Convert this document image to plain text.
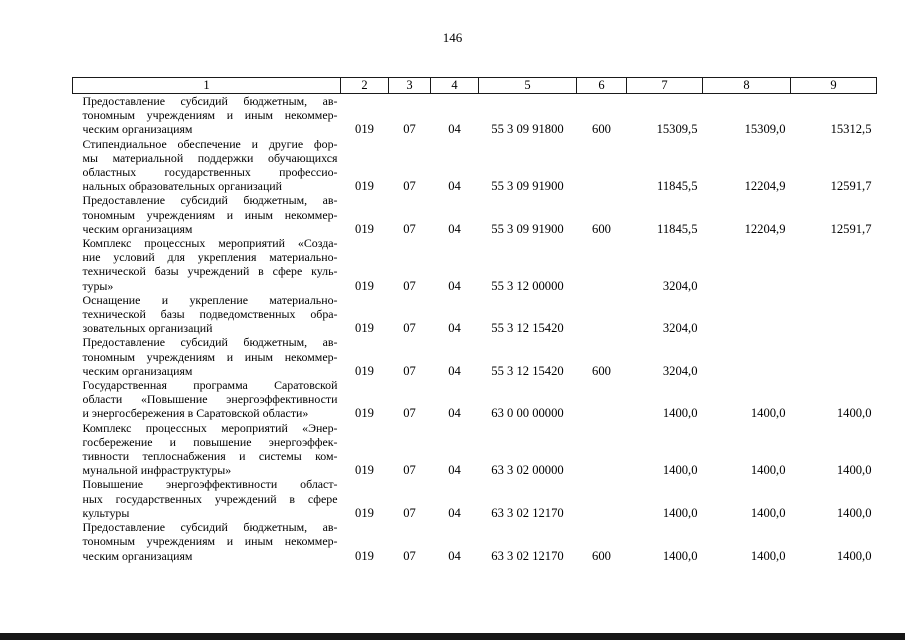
146
1	2	3	4	5	6	7	8	9

Предоставление субсидий бюджетным, ав-
тономным учреждениям и иным некоммер-
ческим организациям	019	07	04	55 3 09 91800	600	15309,5	15309,0	15312,5

Стипендиальное обеспечение и другие фор-
мы материальной поддержки обучающихся
областных государственных профессио-
нальных образовательных организаций	019	07	04	55 3 09 91900		11845,5	12204,9	12591,7

Предоставление субсидий бюджетным, ав-
тономным учреждениям и иным некоммер-
ческим организациям	019	07	04	55 3 09 91900	600	11845,5	12204,9	12591,7

Комплекс процессных мероприятий «Созда-
ние условий для укрепления материально-
технической базы учреждений в сфере куль-
туры»	019	07	04	55 3 12 00000		3204,0		

Оснащение и укрепление материально-
технической базы подведомственных обра-
зовательных организаций	019	07	04	55 3 12 15420		3204,0		

Предоставление субсидий бюджетным, ав-
тономным учреждениям и иным некоммер-
ческим организациям	019	07	04	55 3 12 15420	600	3204,0		

Государственная программа Саратовской
области «Повышение энергоэффективности
и энергосбережения в Саратовской области»	019	07	04	63 0 00 00000		1400,0	1400,0	1400,0

Комплекс процессных мероприятий «Энер-
госбережение и повышение энергоэффек-
тивности теплоснабжения и системы ком-
мунальной инфраструктуры»	019	07	04	63 3 02 00000		1400,0	1400,0	1400,0

Повышение энергоэффективности област-
ных государственных учреждений в сфере
культуры	019	07	04	63 3 02 12170		1400,0	1400,0	1400,0

Предоставление субсидий бюджетным, ав-
тономным учреждениям и иным некоммер-
ческим организациям	019	07	04	63 3 02 12170	600	1400,0	1400,0	1400,0
